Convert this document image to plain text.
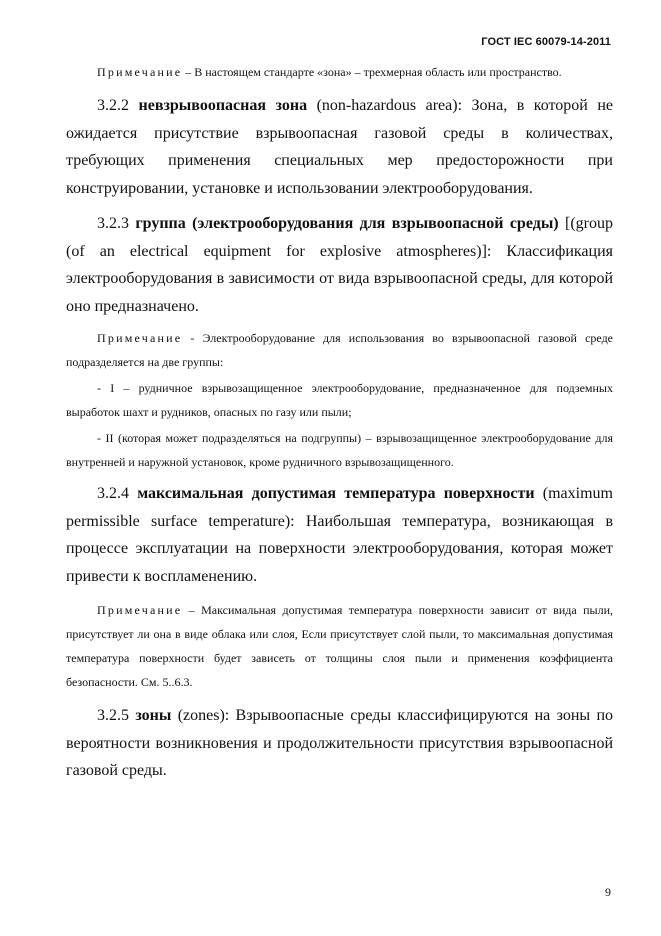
ГОСТ IEC 60079-14-2011

Примечание – В настоящем стандарте «зона» – трехмерная область или пространство.

3.2.2 невзрывоопасная зона (non-hazardous area): Зона, в которой не ожидается присутствие взрывоопасная газовой среды в количествах, требующих применения специальных мер предосторожности при конструировании, установке и использовании электрооборудования.

3.2.3 группа (электрооборудования для взрывоопасной среды) [(group (of an electrical equipment for explosive atmospheres)]: Классификация электрооборудования в зависимости от вида взрывоопасной среды, для которой оно предназначено.

Примечание - Электрооборудование для использования во взрывоопасной газовой среде подразделяется на две группы:

- I – рудничное взрывозащищенное электрооборудование, предназначенное для подземных выработок шахт и рудников, опасных по газу или пыли;

- II (которая может подразделяться на подгруппы) – взрывозащищенное электрооборудование для внутренней и наружной установок, кроме рудничного взрывозащищенного.

3.2.4 максимальная допустимая температура поверхности (maximum permissible surface temperature): Наибольшая температура, возникающая в процессе эксплуатации на поверхности электрооборудования, которая может привести к воспламенению.

Примечание – Максимальная допустимая температура поверхности зависит от вида пыли, присутствует ли она в виде облака или слоя, Если присутствует слой пыли, то максимальная допустимая температура поверхности будет зависеть от толщины слоя пыли и применения коэффициента безопасности. См. 5..6.3.

3.2.5 зоны (zones): Взрывоопасные среды классифицируются на зоны по вероятности возникновения и продолжительности присутствия взрывоопасной газовой среды.

9
